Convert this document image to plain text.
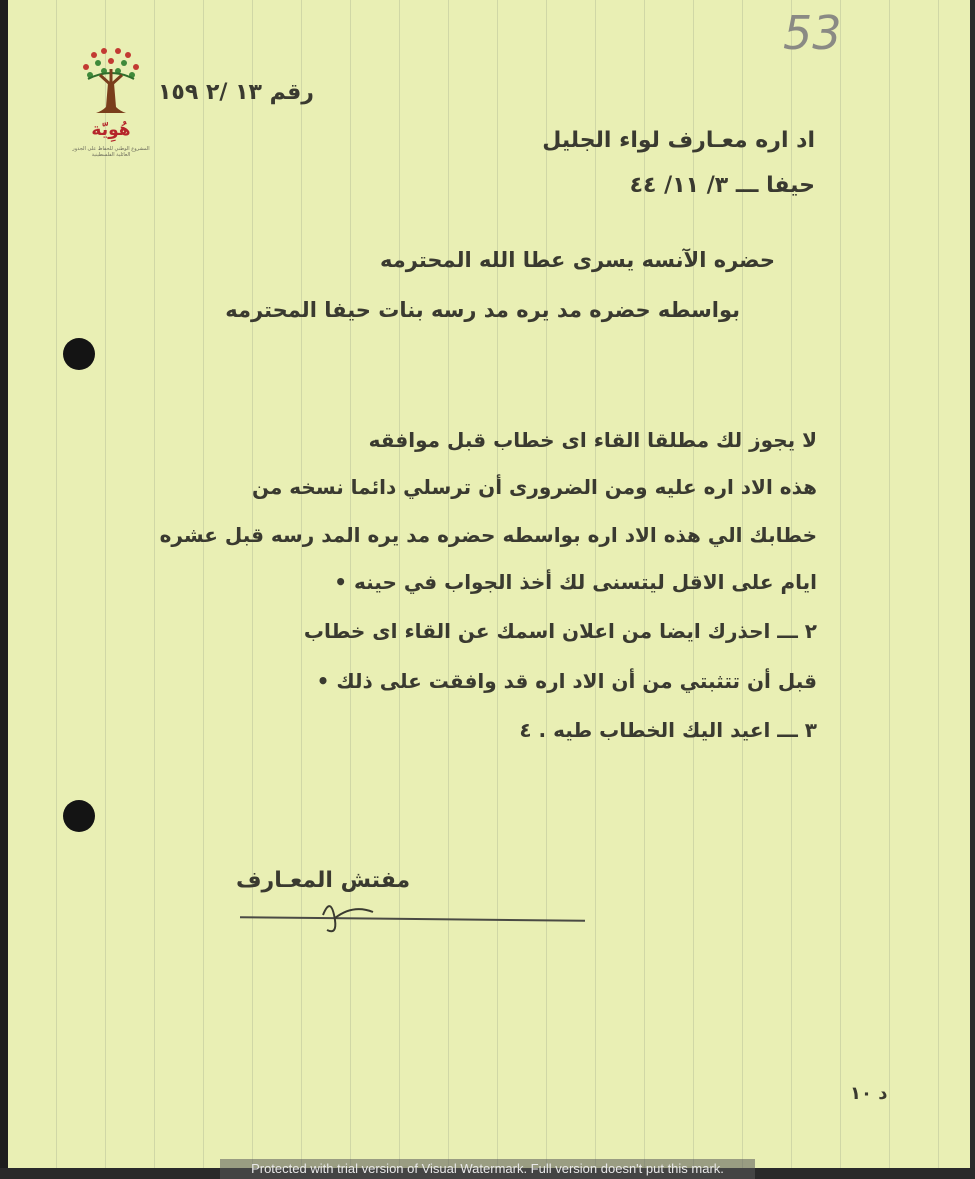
53
هُوِيّة
المشروع الوطني للحفاظ على الجذور العائلية الفلسطينية
رقم ١٣ /٢ ١٥٩
اد اره معـارف لواء الجليل
حيفا ـــ ٣/ ١١/ ٤٤
حضره الآنسه يسرى عطا الله المحترمه
بواسطه حضره مد يره مد رسه بنات حيفا المحترمه
لا يجوز لك مطلقا القاء اى خطاب قبل موافقه
هذه الاد اره عليه ومن الضرورى أن ترسلي دائما نسخه من
خطابك الي هذه الاد اره بواسطه حضره مد يره المد رسه قبل عشره
ايام على الاقل ليتسنى لك أخذ الجواب في حينه •
٢ ـــ احذرك ايضا من اعلان اسمك عن القاء اى خطاب
قبل أن تتثبتي من أن الاد اره قد وافقت على ذلك •
٣ ـــ اعيد اليك الخطاب طيه . ٤
مفتش المعـارف
د ١٠
Protected with trial version of Visual Watermark. Full version doesn't put this mark.
